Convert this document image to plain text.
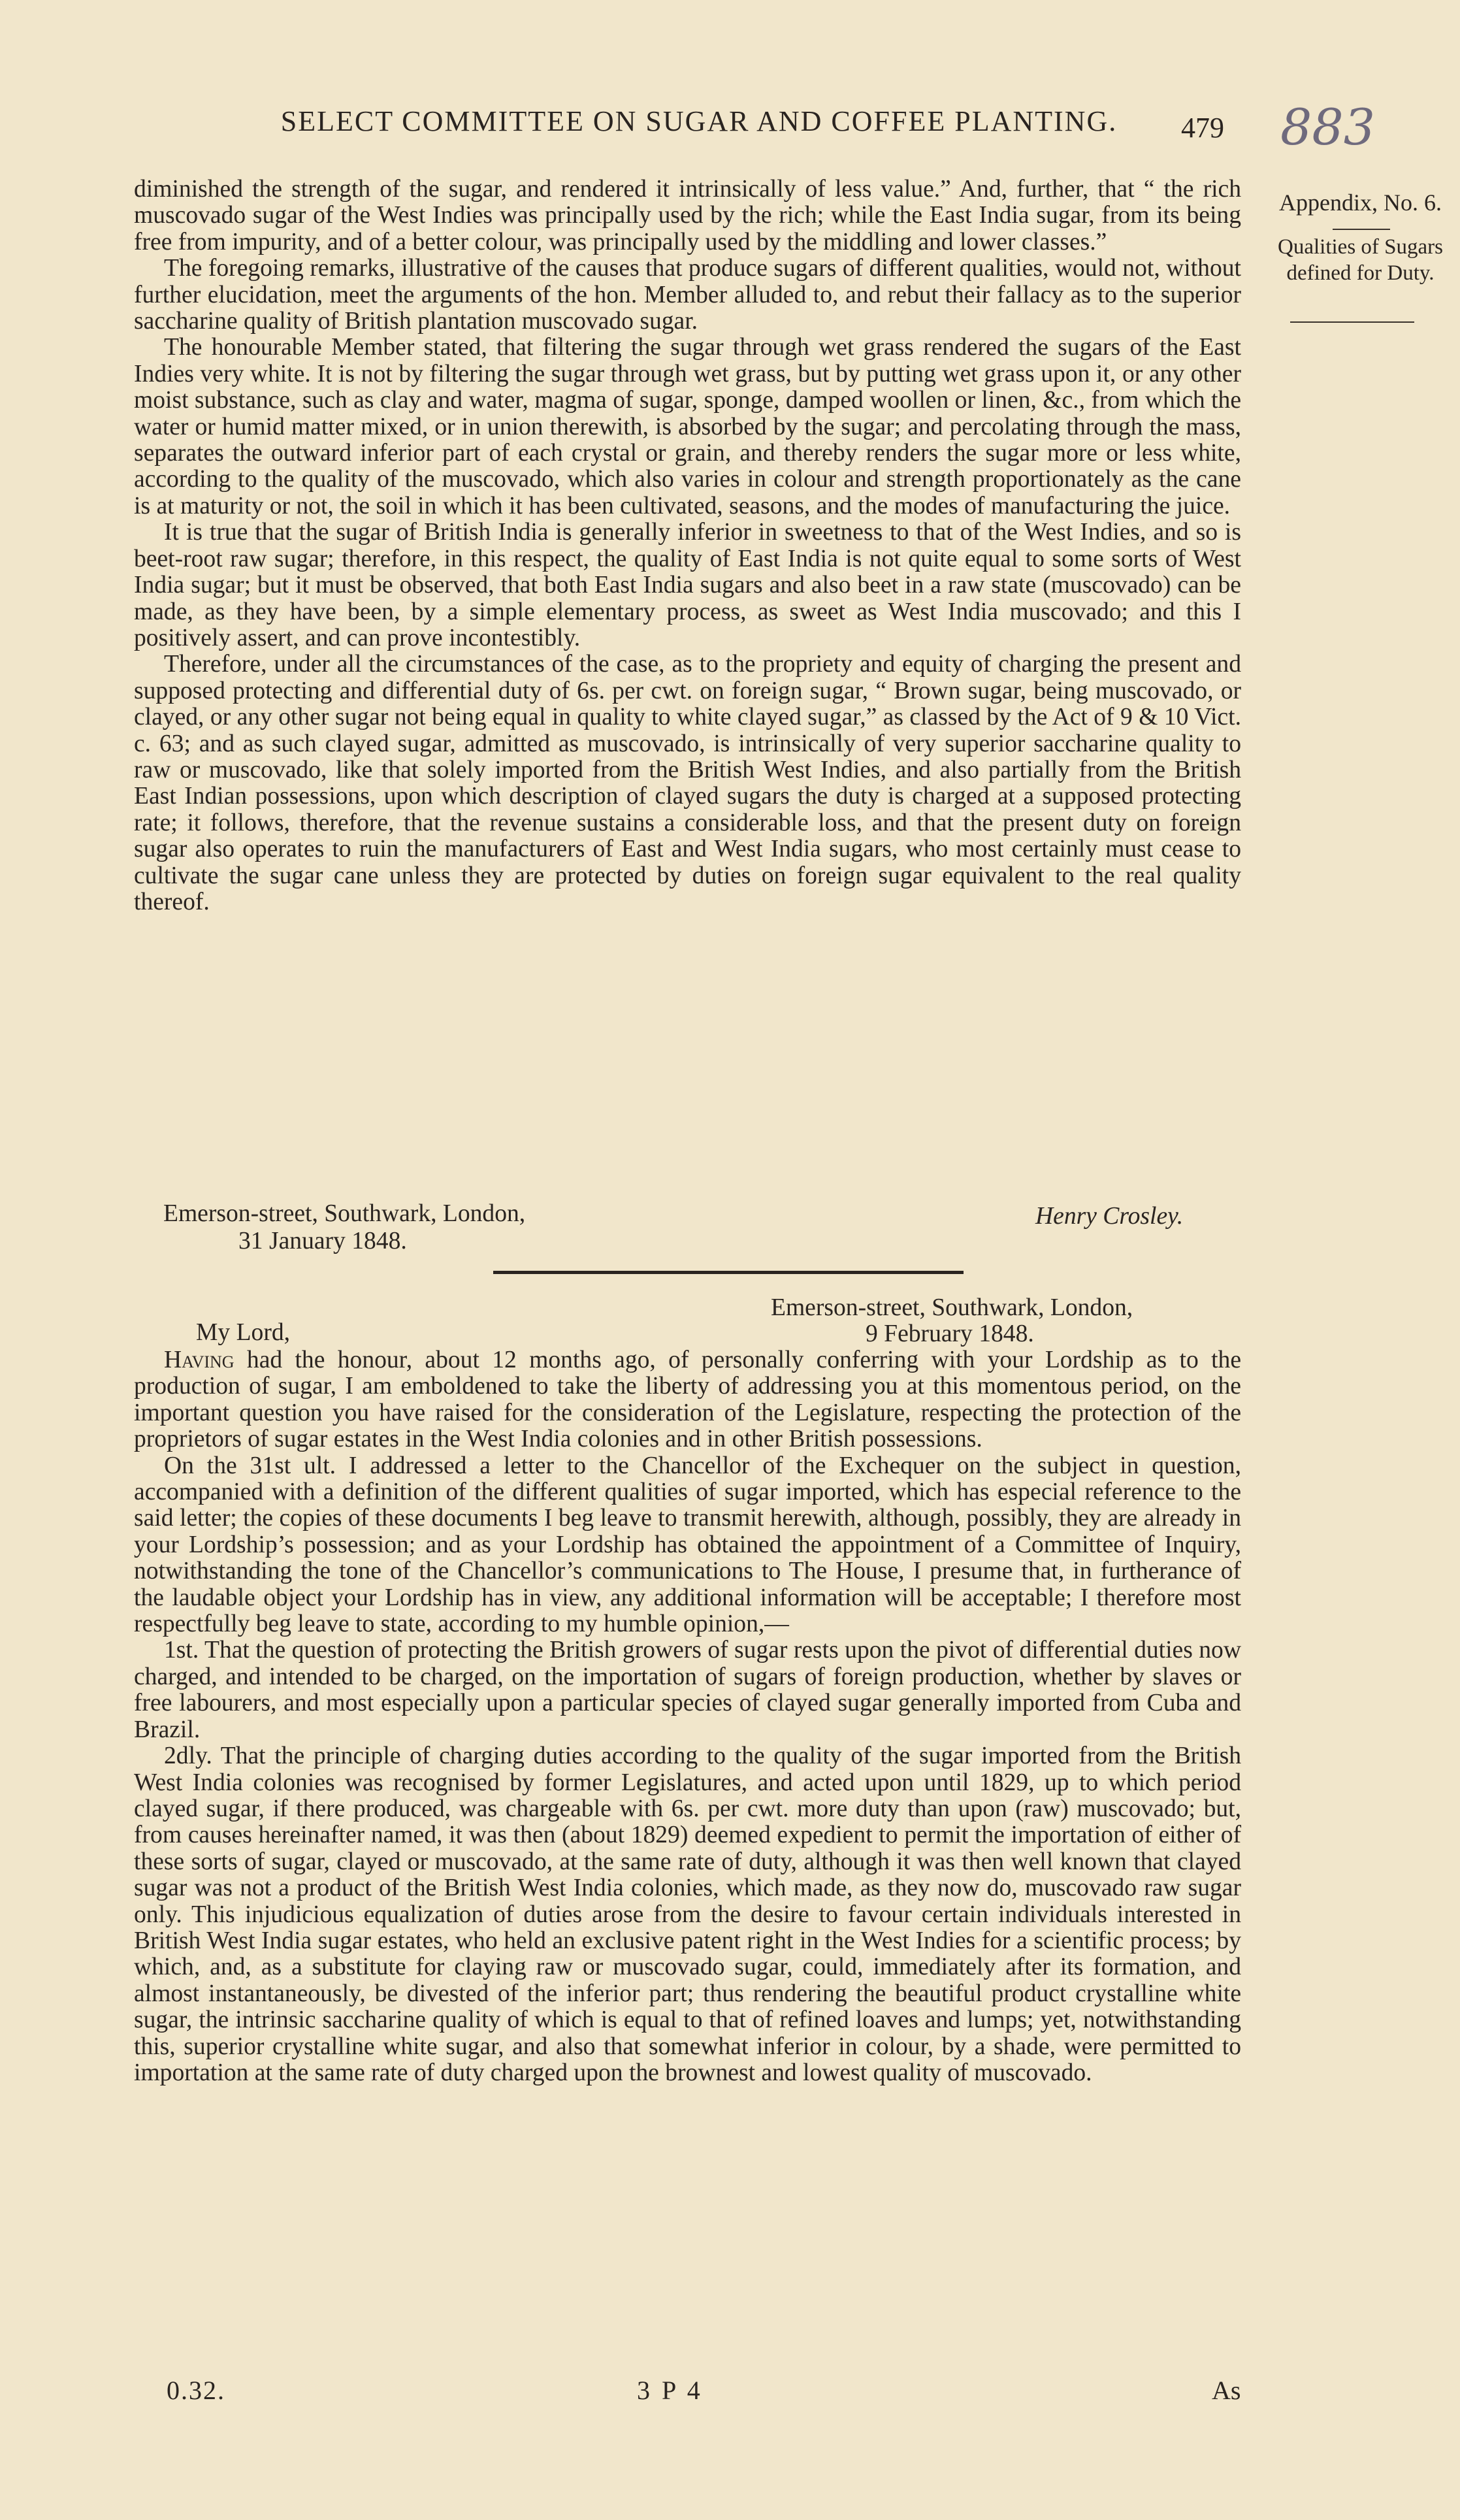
SELECT COMMITTEE ON SUGAR AND COFFEE PLANTING.	479 883
Appendix, No. 6.
Qualities of Sugars defined for Duty.

diminished the strength of the sugar, and rendered it intrinsically of less value.” And, further, that “ the rich muscovado sugar of the West Indies was principally used by the rich; while the East India sugar, from its being free from impurity, and of a better colour, was principally used by the middling and lower classes.”

The foregoing remarks, illustrative of the causes that produce sugars of different qualities, would not, without further elucidation, meet the arguments of the hon. Member alluded to, and rebut their fallacy as to the superior saccharine quality of British plantation muscovado sugar.

The honourable Member stated, that filtering the sugar through wet grass rendered the sugars of the East Indies very white. It is not by filtering the sugar through wet grass, but by putting wet grass upon it, or any other moist substance, such as clay and water, magma of sugar, sponge, damped woollen or linen, &c., from which the water or humid matter mixed, or in union therewith, is absorbed by the sugar; and percolating through the mass, separates the outward inferior part of each crystal or grain, and thereby renders the sugar more or less white, according to the quality of the muscovado, which also varies in colour and strength proportionately as the cane is at maturity or not, the soil in which it has been cultivated, seasons, and the modes of manufacturing the juice.

It is true that the sugar of British India is generally inferior in sweetness to that of the West Indies, and so is beet-root raw sugar; therefore, in this respect, the quality of East India is not quite equal to some sorts of West India sugar; but it must be observed, that both East India sugars and also beet in a raw state (muscovado) can be made, as they have been, by a simple elementary process, as sweet as West India muscovado; and this I positively assert, and can prove incontestibly.

Therefore, under all the circumstances of the case, as to the propriety and equity of charging the present and supposed protecting and differential duty of 6s. per cwt. on foreign sugar, “ Brown sugar, being muscovado, or clayed, or any other sugar not being equal in quality to white clayed sugar,” as classed by the Act of 9 & 10 Vict. c. 63; and as such clayed sugar, admitted as muscovado, is intrinsically of very superior saccharine quality to raw or muscovado, like that solely imported from the British West Indies, and also partially from the British East Indian possessions, upon which description of clayed sugars the duty is charged at a supposed protecting rate; it follows, therefore, that the revenue sustains a considerable loss, and that the present duty on foreign sugar also operates to ruin the manufacturers of East and West India sugars, who most certainly must cease to cultivate the sugar cane unless they are protected by duties on foreign sugar equivalent to the real quality thereof.

Emerson-street, Southwark, London,
31 January 1848.
Henry Crosley.
Emerson-street, Southwark, London,
9 February 1848.
My Lord,

Having had the honour, about 12 months ago, of personally conferring with your Lordship as to the production of sugar, I am emboldened to take the liberty of addressing you at this momentous period, on the important question you have raised for the consideration of the Legislature, respecting the protection of the proprietors of sugar estates in the West India colonies and in other British possessions.

On the 31st ult. I addressed a letter to the Chancellor of the Exchequer on the subject in question, accompanied with a definition of the different qualities of sugar imported, which has especial reference to the said letter; the copies of these documents I beg leave to transmit herewith, although, possibly, they are already in your Lordship’s possession; and as your Lordship has obtained the appointment of a Committee of Inquiry, notwithstanding the tone of the Chancellor’s communications to The House, I presume that, in furtherance of the laudable object your Lordship has in view, any additional information will be acceptable; I therefore most respectfully beg leave to state, according to my humble opinion,—

1st. That the question of protecting the British growers of sugar rests upon the pivot of differential duties now charged, and intended to be charged, on the importation of sugars of foreign production, whether by slaves or free labourers, and most especially upon a particular species of clayed sugar generally imported from Cuba and Brazil.

2dly. That the principle of charging duties according to the quality of the sugar imported from the British West India colonies was recognised by former Legislatures, and acted upon until 1829, up to which period clayed sugar, if there produced, was chargeable with 6s. per cwt. more duty than upon (raw) muscovado; but, from causes hereinafter named, it was then (about 1829) deemed expedient to permit the importation of either of these sorts of sugar, clayed or muscovado, at the same rate of duty, although it was then well known that clayed sugar was not a product of the British West India colonies, which made, as they now do, muscovado raw sugar only. This injudicious equalization of duties arose from the desire to favour certain individuals interested in British West India sugar estates, who held an exclusive patent right in the West Indies for a scientific process; by which, and, as a substitute for claying raw or muscovado sugar, could, immediately after its formation, and almost instantaneously, be divested of the inferior part; thus rendering the beautiful product crystalline white sugar, the intrinsic saccharine quality of which is equal to that of refined loaves and lumps; yet, notwithstanding this, superior crystalline white sugar, and also that somewhat inferior in colour, by a shade, were permitted to importation at the same rate of duty charged upon the brownest and lowest quality of muscovado.

0.32.	3 P 4	As
